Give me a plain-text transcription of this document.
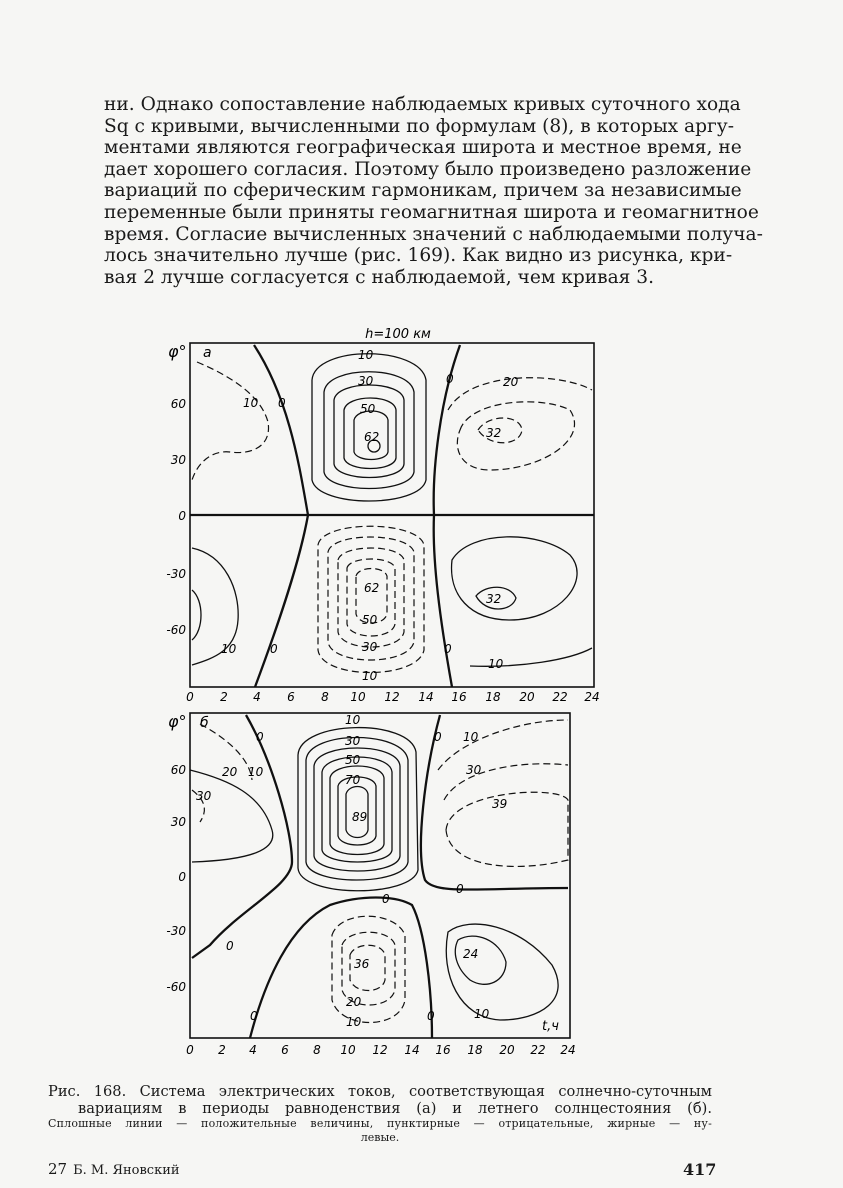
ни. Однако сопоставление наблюдаемых кривых суточного хода
Sq с кривыми, вычисленными по формулам (8), в которых аргу-
ментами являются географическая широта и местное время, не
дает хорошего согласия. Поэтому было произведено разложение
вариаций по сферическим гармоникам, причем за независимые
переменные были приняты геомагнитная широта и геомагнитное
время. Согласие вычисленных значений с наблюдаемыми получа-
лось значительно лучше (рис. 169). Как видно из рисунка, кри-
вая 2 лучше согласуется с наблюдаемой, чем кривая 3.
h=100 км
φ° а	10
30
50
62
0
10
0	20
32
62
50
30
10
32
10
0	0
10
60
30
0
-30
-60
0 2 4 6 8 10 12 14 16 18 20 22 24
φ° б	10
30
50
70
89
0	0 10
20 10
30
30
39
0
0
0
36
20
10
24
10
0	0
t,ч
60
30
0
-30
-60
0 2 4 6 8 10 12 14 16 18 20 22 24
Рис. 168. Система электрических токов, соответствующая солнечно-суточным
вариациям в периоды равноденствия (а) и летнего солнцестояния (б).
Сплошные линии — положительные величины, пунктирные — отрицательные, жирные — ну-
левые.
27 Б. М. Яновский	417
